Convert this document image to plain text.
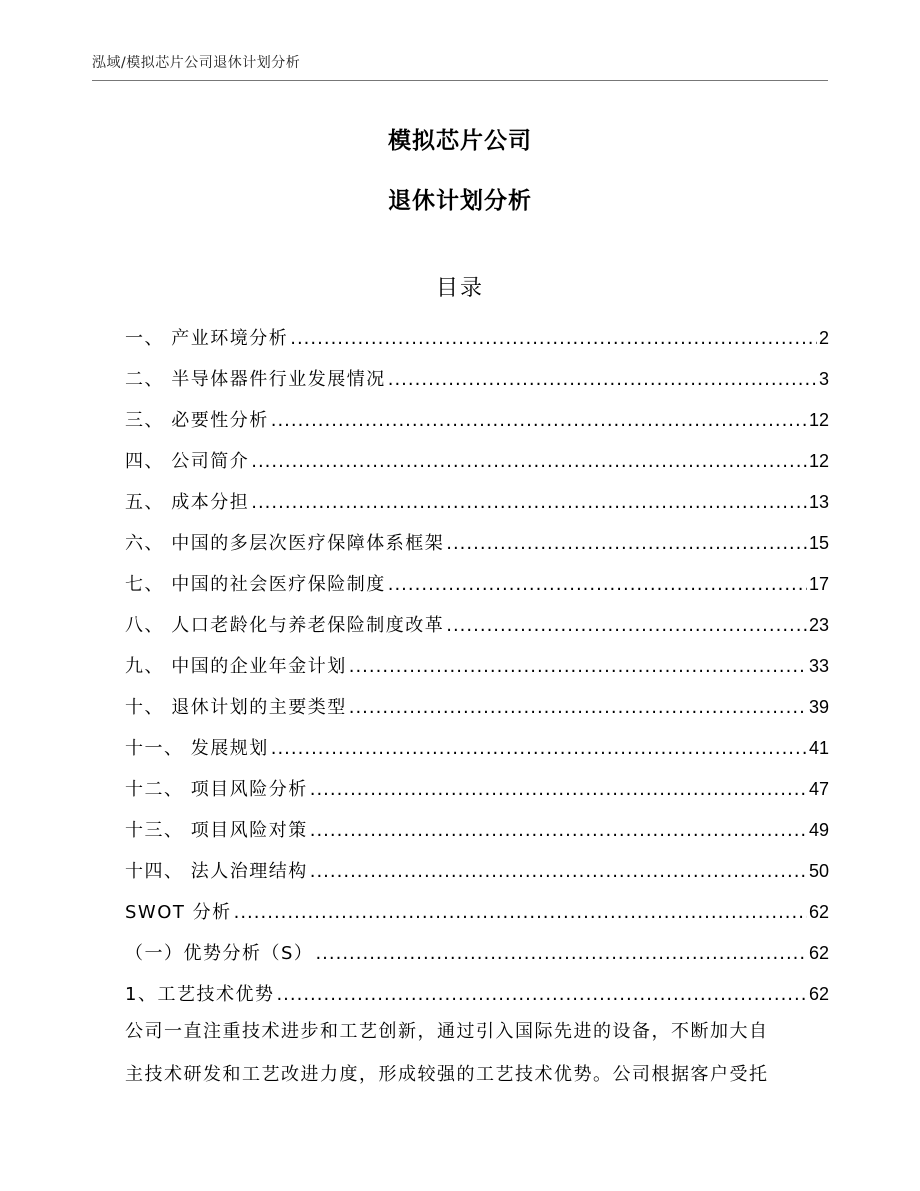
泓域/模拟芯片公司退休计划分析
模拟芯片公司
退休计划分析
目录
一、 产业环境分析 .....	2
二、 半导体器件行业发展情况 .....	3
三、 必要性分析 .....	12
四、 公司简介 .....	12
五、 成本分担 .....	13
六、 中国的多层次医疗保障体系框架 .....	15
七、 中国的社会医疗保险制度 .....	17
八、 人口老龄化与养老保险制度改革 .....	23
九、 中国的企业年金计划 .....	33
十、 退休计划的主要类型 .....	39
十一、 发展规划 .....	41
十二、 项目风险分析 .....	47
十三、 项目风险对策 .....	49
十四、 法人治理结构 .....	50
SWOT 分析 .....	62
（一）优势分析（S） .....	62
1、工艺技术优势 .....	62
公司一直注重技术进步和工艺创新，通过引入国际先进的设备，不断加大自
主技术研发和工艺改进力度，形成较强的工艺技术优势。公司根据客户受托
